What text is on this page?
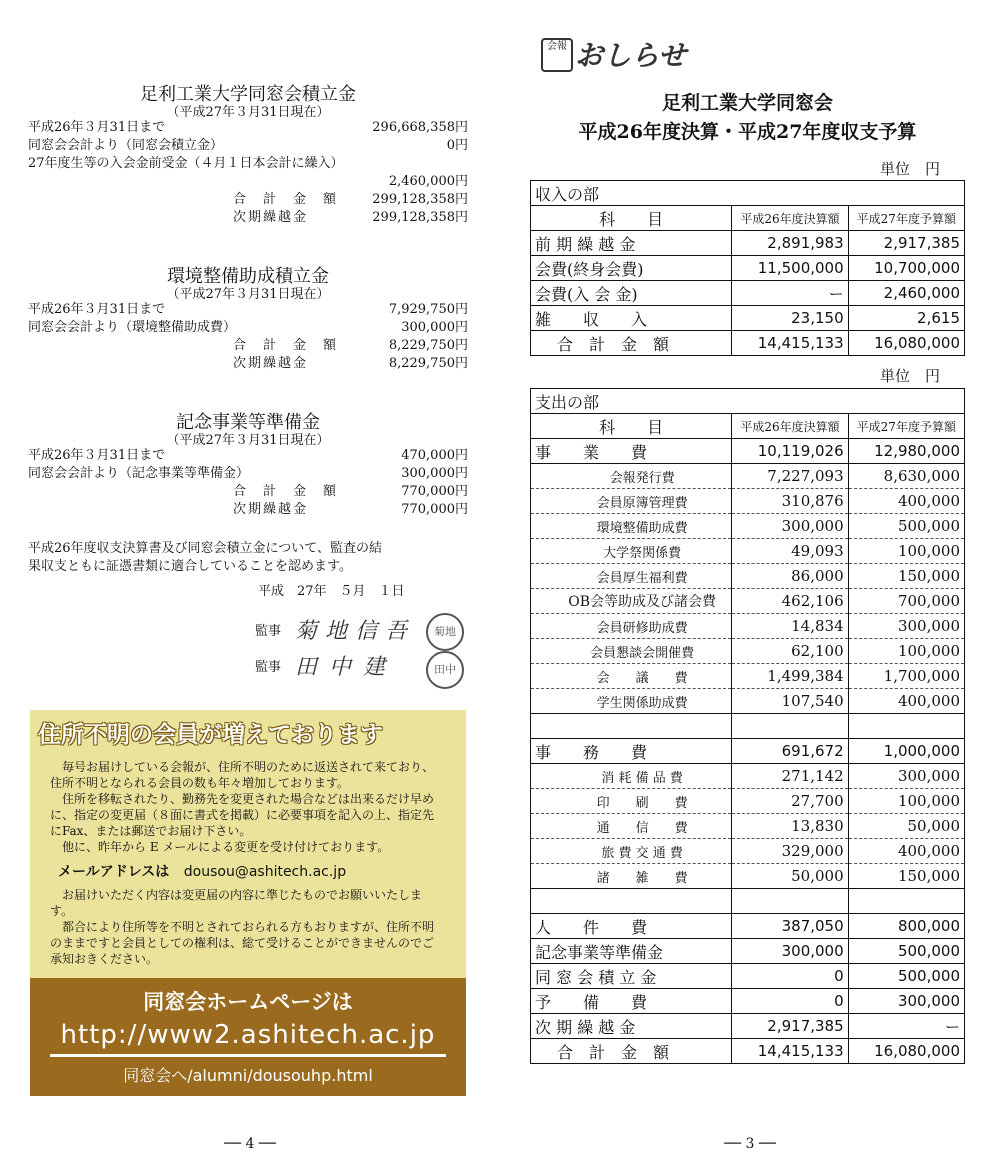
足利工業大学同窓会積立金
（平成27年３月31日現在）
平成26年３月31日まで	296,668,358円
同窓会会計より（同窓会積立金）	0円
27年度生等の入会金前受金（４月１日本会計に繰入）
2,460,000円
合　計　金　額	299,128,358円
次期繰越金	299,128,358円
環境整備助成積立金
（平成27年３月31日現在）
平成26年３月31日まで	7,929,750円
同窓会会計より（環境整備助成費）	300,000円
合　計　金　額	8,229,750円
次期繰越金	8,229,750円
記念事業等準備金
（平成27年３月31日現在）
平成26年３月31日まで	470,000円
同窓会会計より（記念事業等準備金）	300,000円
合　計　金　額	770,000円
次期繰越金	770,000円
平成26年度収支決算書及び同窓会積立金について、監査の結
果収支ともに証憑書類に適合していることを認めます。
平成　27年　５月　１日
監事 菊地信吾	菊地
監事 田中建	田中
住所不明の会員が増えております

毎号お届けしている会報が、住所不明のために返送されて来ており、住所不明となられる会員の数も年々増加しております。

住所を移転されたり、勤務先を変更された場合などは出来るだけ早めに、指定の変更届（８面に書式を掲載）に必要事項を記入の上、指定先にFax、または郵送でお届け下さい。

他に、昨年から E メールによる変更を受け付けております。

メールアドレスは dousou@ashitech.ac.jp

お届けいただく内容は変更届の内容に準じたものでお願いいたします。

都合により住所等を不明とされておられる方もおりますが、住所不明のままですと会員としての権利は、総て受けることができませんのでご承知おきください。

同窓会ホームページは
http://www2.ashitech.ac.jp
同窓会へ/alumni/dousouhp.html
── 4 ──
会報 おしらせ
足利工業大学同窓会
平成26年度決算・平成27年度収支予算
単位　円
収入の部		
科　　目	平成26年度決算額	平成27年度予算額
前 期 繰 越 金	2,891,983	2,917,385
会費(終身会費)	11,500,000	10,700,000
会費(入 会 金)	ー	2,460,000
雑　　収　　入	23,150	2,615
合　計　金　額	14,415,133	16,080,000
単位　円
支出の部		
科　　目	平成26年度決算額	平成27年度予算額
事　　業　　費	10,119,026	12,980,000
会報発行費	7,227,093	8,630,000
会員原簿管理費	310,876	400,000
環境整備助成費	300,000	500,000
大学祭関係費	49,093	100,000
会員厚生福利費	86,000	150,000
OB会等助成及び諸会費	462,106	700,000
会員研修助成費	14,834	300,000
会員懇談会開催費	62,100	100,000
会　　議　　費	1,499,384	1,700,000
学生関係助成費	107,540	400,000

事　　務　　費	691,672	1,000,000
消 耗 備 品 費	271,142	300,000
印　　刷　　費	27,700	100,000
通　　信　　費	13,830	50,000
旅 費 交 通 費	329,000	400,000
諸　　雑　　費	50,000	150,000

人　　件　　費	387,050	800,000
記念事業等準備金	300,000	500,000
同 窓 会 積 立 金	0	500,000
予　　備　　費	0	300,000
次 期 繰 越 金	2,917,385	ー
合　計　金　額	14,415,133	16,080,000
── 3 ──
